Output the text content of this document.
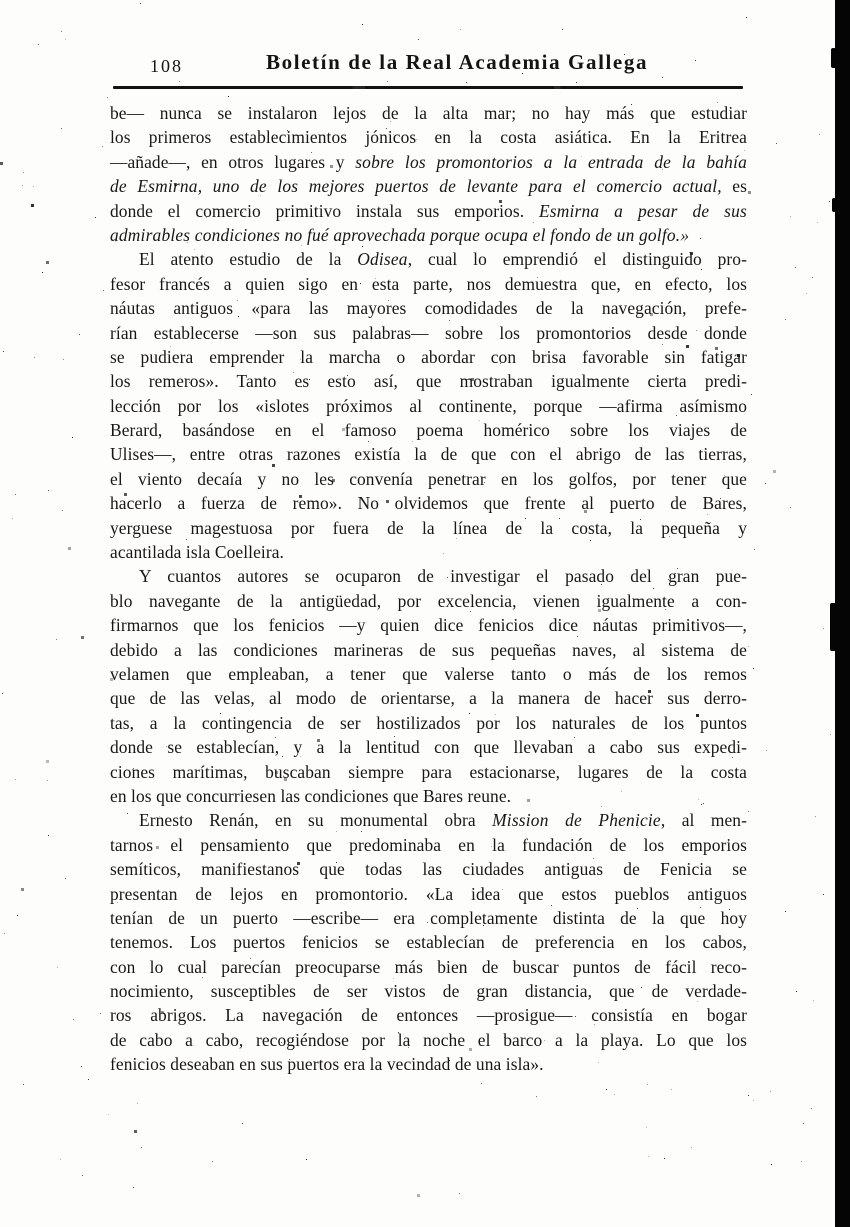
108	Boletín de la Real Academia Gallega
be— nunca se instalaron lejos de la alta mar; no hay más que estudiar
los primeros establecimientos jónicos en la costa asiática. En la Eritrea
—añade—, en otros lugares y sobre los promontorios a la entrada de la bahía
de Esmirna, uno de los mejores puertos de levante para el comercio actual, es
donde el comercio primitivo instala sus emporios. Esmirna a pesar de sus
admirables condiciones no fué aprovechada porque ocupa el fondo de un golfo.»
El atento estudio de la Odisea, cual lo emprendió el distinguido pro-
fesor francés a quien sigo en esta parte, nos demuestra que, en efecto, los
náutas antiguos «para las mayores comodidades de la navegación, prefe-
rían establecerse —son sus palabras— sobre los promontorios desde donde
se pudiera emprender la marcha o abordar con brisa favorable sin fatigar
los remeros». Tanto es esto así, que mostraban igualmente cierta predi-
lección por los «islotes próximos al continente, porque —afirma asímismo
Berard, basándose en el famoso poema homérico sobre los viajes de
Ulises—, entre otras razones existía la de que con el abrigo de las tierras,
el viento decaía y no les convenía penetrar en los golfos, por tener que
hacerlo a fuerza de remo». No olvidemos que frente al puerto de Bares,
yerguese magestuosa por fuera de la línea de la costa, la pequeña y
acantilada isla Coelleira.
Y cuantos autores se ocuparon de investigar el pasado del gran pue-
blo navegante de la antigüedad, por excelencia, vienen igualmente a con-
firmarnos que los fenicios —y quien dice fenicios dice náutas primitivos—,
debido a las condiciones marineras de sus pequeñas naves, al sistema de
velamen que empleaban, a tener que valerse tanto o más de los remos
que de las velas, al modo de orientarse, a la manera de hacer sus derro-
tas, a la contingencia de ser hostilizados por los naturales de los puntos
donde se establecían, y a la lentitud con que llevaban a cabo sus expedi-
ciones marítimas, buscaban siempre para estacionarse, lugares de la costa
en los que concurriesen las condiciones que Bares reune.
Ernesto Renán, en su monumental obra Mission de Phenicie, al men-
tarnos el pensamiento que predominaba en la fundación de los emporios
semíticos, manifiestanos que todas las ciudades antiguas de Fenicia se
presentan de lejos en promontorio. «La idea que estos pueblos antiguos
tenían de un puerto —escribe— era completamente distinta de la que hoy
tenemos. Los puertos fenicios se establecían de preferencia en los cabos,
con lo cual parecían preocuparse más bien de buscar puntos de fácil reco-
nocimiento, susceptibles de ser vistos de gran distancia, que de verdade-
ros abrigos. La navegación de entonces —prosigue— consistía en bogar
de cabo a cabo, recogiéndose por la noche el barco a la playa. Lo que los
fenicios deseaban en sus puertos era la vecindad de una isla».
